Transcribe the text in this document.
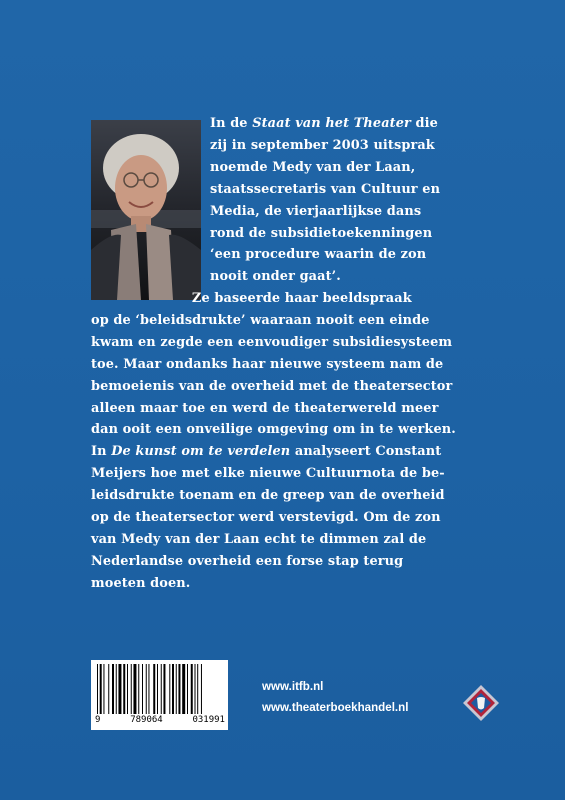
In de Staat van het Theater die
zij in september 2003 uitsprak
noemde Medy van der Laan,
staatssecretaris van Cultuur en
Media, de vierjaarlijkse dans
rond de subsidietoekenningen
‘een procedure waarin de zon
nooit onder gaat’.
Ze baseerde haar beeldspraak
op de ‘beleidsdrukte’ waaraan nooit een einde
kwam en zegde een eenvoudiger subsidiesysteem
toe. Maar ondanks haar nieuwe systeem nam de
bemoeienis van de overheid met de theatersector
alleen maar toe en werd de theaterwereld meer
dan ooit een onveilige omgeving om in te werken.
In De kunst om te verdelen analyseert Constant
Meijers hoe met elke nieuwe Cultuurnota de be-
leidsdrukte toenam en de greep van de overheid
op de theatersector werd verstevigd. Om de zon
van Medy van der Laan echt te dimmen zal de
Nederlandse overheid een forse stap terug
moeten doen.
9	789064	031991
www.itfb.nl
www.theaterboekhandel.nl
